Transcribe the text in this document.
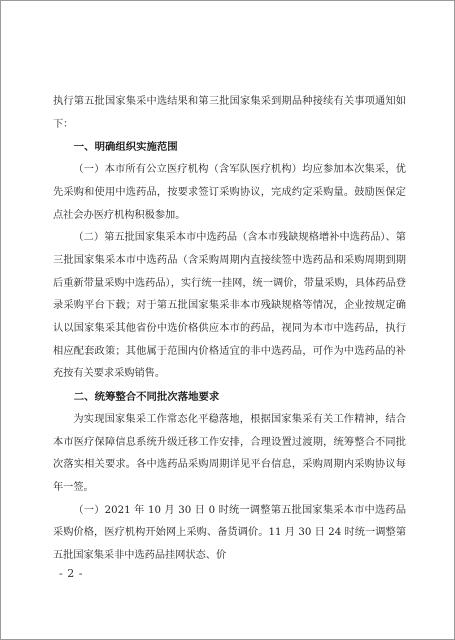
执行第五批国家集采中选结果和第三批国家集采到期品种接续有关事项通知如下：

一、明确组织实施范围

（一）本市所有公立医疗机构（含军队医疗机构）均应参加本次集采，优先采购和使用中选药品，按要求签订采购协议，完成约定采购量。鼓励医保定点社会办医疗机构积极参加。

（二）第五批国家集采本市中选药品（含本市残缺规格增补中选药品）、第三批国家集采本市中选药品（含采购周期内直接续签中选药品和采购周期到期后重新带量采购中选药品），实行统一挂网，统一调价，带量采购，具体药品登录采购平台下载；对于第五批国家集采非本市残缺规格等情况，企业按规定确认以国家集采其他省份中选价格供应本市的药品，视同为本市中选药品，执行相应配套政策；其他属于范围内价格适宜的非中选药品，可作为中选药品的补充按有关要求采购销售。

二、统筹整合不同批次落地要求

为实现国家集采工作常态化平稳落地，根据国家集采有关工作精神，结合本市医疗保障信息系统升级迁移工作安排，合理设置过渡期，统筹整合不同批次落实相关要求。各中选药品采购周期详见平台信息，采购周期内采购协议每年一签。

（一）2021 年 10 月 30 日 0 时统一调整第五批国家集采本市中选药品采购价格，医疗机构开始网上采购、备货调价。11 月 30 日 24 时统一调整第五批国家集采非中选药品挂网状态、价

- 2 -
